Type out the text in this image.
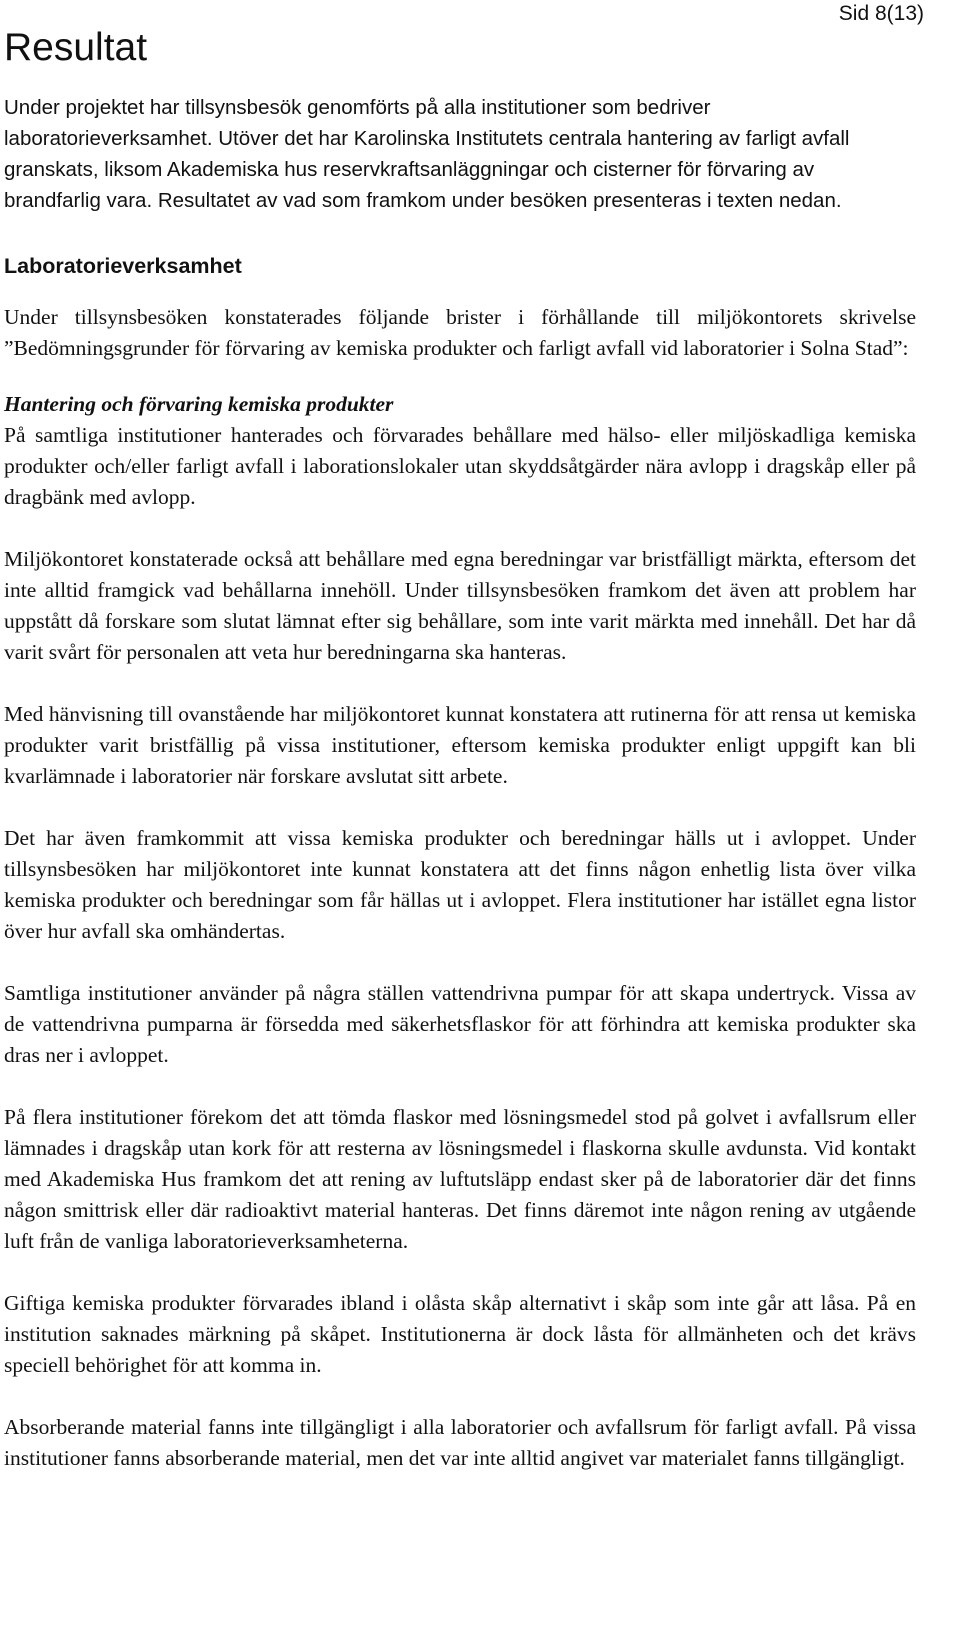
Sid 8(13)
Resultat

Under projektet har tillsynsbesök genomförts på alla institutioner som bedriver laboratorieverksamhet. Utöver det har Karolinska Institutets centrala hantering av farligt avfall granskats, liksom Akademiska hus reservkraftsanläggningar och cisterner för förvaring av brandfarlig vara. Resultatet av vad som framkom under besöken presenteras i texten nedan.

Laboratorieverksamhet

Under tillsynsbesöken konstaterades följande brister i förhållande till miljökontorets skrivelse ”Bedömningsgrunder för förvaring av kemiska produkter och farligt avfall vid laboratorier i Solna Stad”:

Hantering och förvaring kemiska produkter

På samtliga institutioner hanterades och förvarades behållare med hälso- eller miljöskadliga kemiska produkter och/eller farligt avfall i laborationslokaler utan skyddsåtgärder nära avlopp i dragskåp eller på dragbänk med avlopp.

Miljökontoret konstaterade också att behållare med egna beredningar var bristfälligt märkta, eftersom det inte alltid framgick vad behållarna innehöll. Under tillsynsbesöken framkom det även att problem har uppstått då forskare som slutat lämnat efter sig behållare, som inte varit märkta med innehåll. Det har då varit svårt för personalen att veta hur beredningarna ska hanteras.

Med hänvisning till ovanstående har miljökontoret kunnat konstatera att rutinerna för att rensa ut kemiska produkter varit bristfällig på vissa institutioner, eftersom kemiska produkter enligt uppgift kan bli kvarlämnade i laboratorier när forskare avslutat sitt arbete.

Det har även framkommit att vissa kemiska produkter och beredningar hälls ut i avloppet. Under tillsynsbesöken har miljökontoret inte kunnat konstatera att det finns någon enhetlig lista över vilka kemiska produkter och beredningar som får hällas ut i avloppet. Flera institutioner har istället egna listor över hur avfall ska omhändertas.

Samtliga institutioner använder på några ställen vattendrivna pumpar för att skapa undertryck. Vissa av de vattendrivna pumparna är försedda med säkerhetsflaskor för att förhindra att kemiska produkter ska dras ner i avloppet.

På flera institutioner förekom det att tömda flaskor med lösningsmedel stod på golvet i avfallsrum eller lämnades i dragskåp utan kork för att resterna av lösningsmedel i flaskorna skulle avdunsta. Vid kontakt med Akademiska Hus framkom det att rening av luftutsläpp endast sker på de laboratorier där det finns någon smittrisk eller där radioaktivt material hanteras. Det finns däremot inte någon rening av utgående luft från de vanliga laboratorieverksamheterna.

Giftiga kemiska produkter förvarades ibland i olåsta skåp alternativt i skåp som inte går att låsa. På en institution saknades märkning på skåpet. Institutionerna är dock låsta för allmänheten och det krävs speciell behörighet för att komma in.

Absorberande material fanns inte tillgängligt i alla laboratorier och avfallsrum för farligt avfall. På vissa institutioner fanns absorberande material, men det var inte alltid angivet var materialet fanns tillgängligt.
